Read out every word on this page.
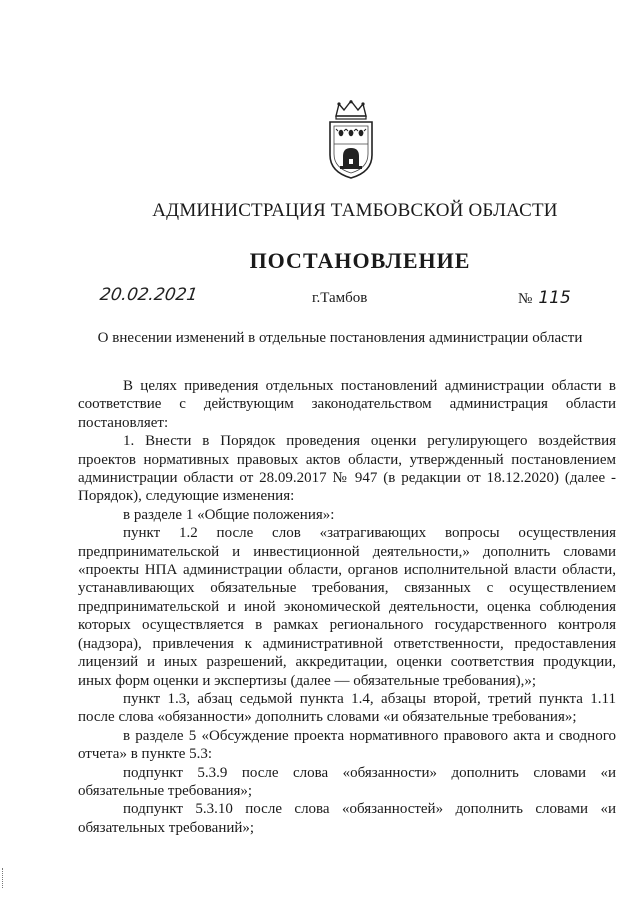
АДМИНИСТРАЦИЯ ТАМБОВСКОЙ ОБЛАСТИ
ПОСТАНОВЛЕНИЕ
20.02.2021	г.Тамбов	№ 115
О внесении изменений в отдельные постановления администрации области

В целях приведения отдельных постановлений администрации области в соответствие с действующим законодательством администрация области постановляет:

1. Внести в Порядок проведения оценки регулирующего воздействия проектов нормативных правовых актов области, утвержденный постановлением администрации области от 28.09.2017 № 947 (в редакции от 18.12.2020) (далее - Порядок), следующие изменения:

в разделе 1 «Общие положения»:

пункт 1.2 после слов «затрагивающих вопросы осуществления предпринимательской и инвестиционной деятельности,» дополнить словами «проекты НПА администрации области, органов исполнительной власти области, устанавливающих обязательные требования, связанных с осуществлением предпринимательской и иной экономической деятельности, оценка соблюдения которых осуществляется в рамках регионального государственного контроля (надзора), привлечения к административной ответственности, предоставления лицензий и иных разрешений, аккредитации, оценки соответствия продукции, иных форм оценки и экспертизы (далее — обязательные требования),»;

пункт 1.3, абзац седьмой пункта 1.4, абзацы второй, третий пункта 1.11 после слова «обязанности» дополнить словами «и обязательные требования»;

в разделе 5 «Обсуждение проекта нормативного правового акта и сводного отчета» в пункте 5.3:

подпункт 5.3.9 после слова «обязанности» дополнить словами «и обязательные требования»;

подпункт 5.3.10 после слова «обязанностей» дополнить словами «и обязательных требований»;
